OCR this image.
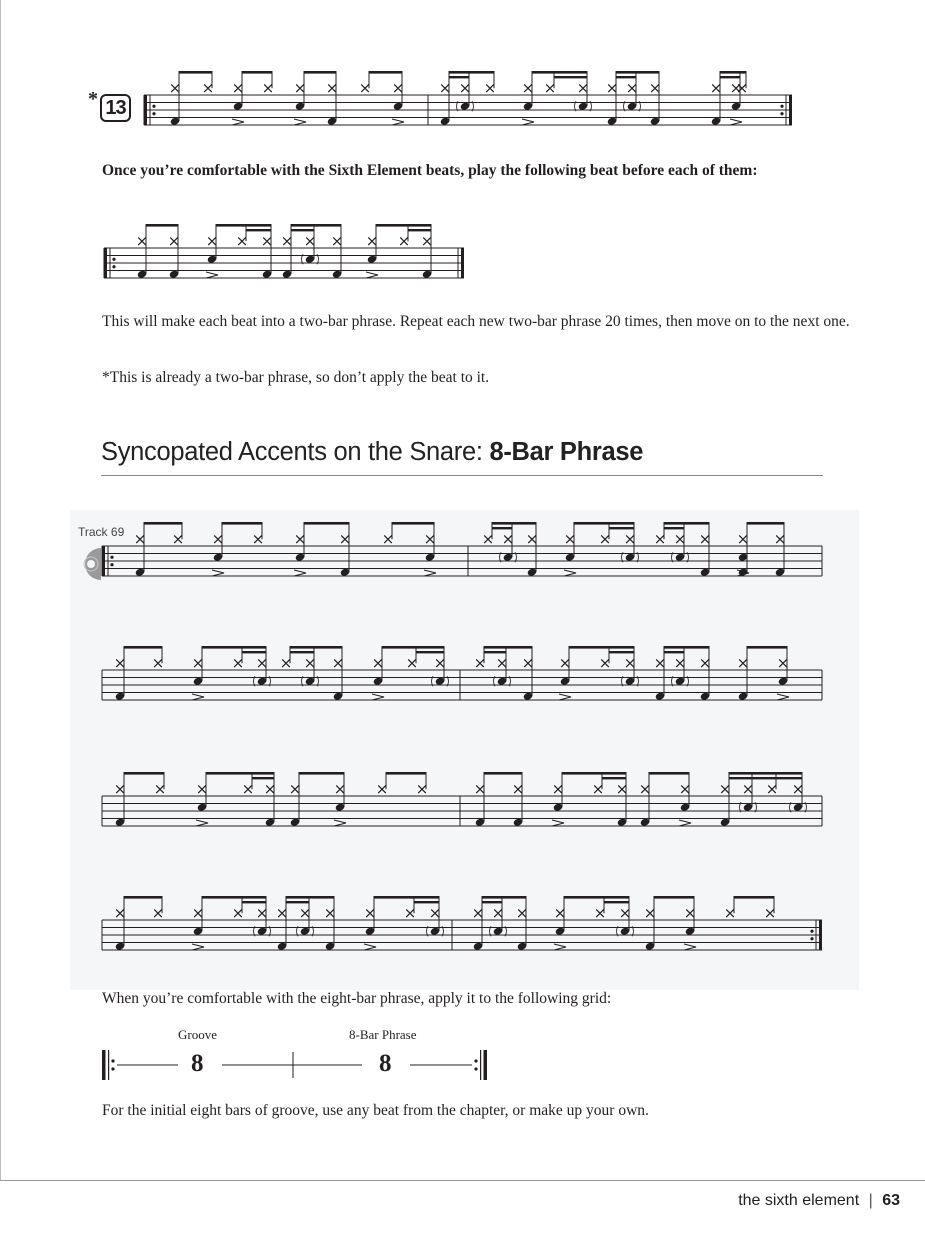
* 13
Once you’re comfortable with the Sixth Element beats, play the following beat before each of them:
This will make each beat into a two-bar phrase. Repeat each new two-bar phrase 20 times, then move on to the next one.
*This is already a two-bar phrase, so don’t apply the beat to it.
Syncopated Accents on the Snare: 8-Bar Phrase
Track 69
When you’re comfortable with the eight-bar phrase, apply it to the following grid:
Groove	8-Bar Phrase
8	8
For the initial eight bars of groove, use any beat from the chapter, or make up your own.
the sixth element | 63
